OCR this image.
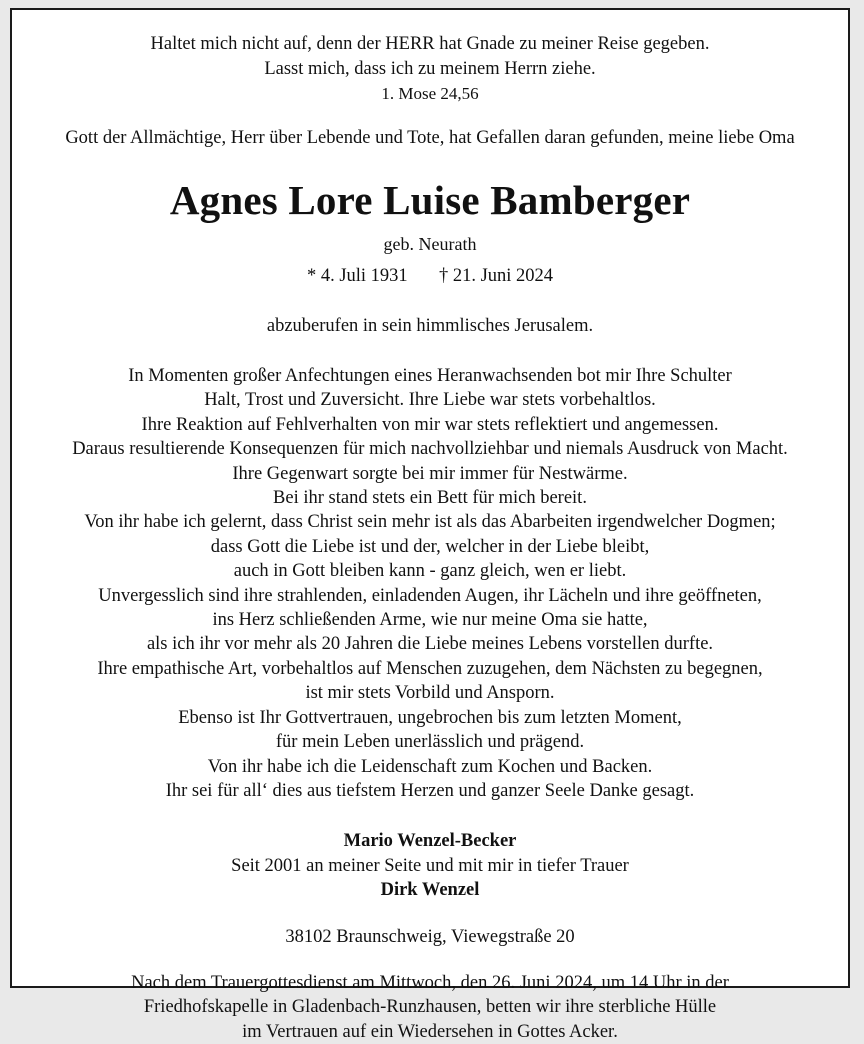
Haltet mich nicht auf, denn der HERR hat Gnade zu meiner Reise gegeben.
Lasst mich, dass ich zu meinem Herrn ziehe.
1. Mose 24,56
Gott der Allmächtige, Herr über Lebende und Tote, hat Gefallen daran gefunden, meine liebe Oma
Agnes Lore Luise Bamberger
geb. Neurath
* 4. Juli 1931 † 21. Juni 2024
abzuberufen in sein himmlisches Jerusalem.
In Momenten großer Anfechtungen eines Heranwachsenden bot mir Ihre Schulter
Halt, Trost und Zuversicht. Ihre Liebe war stets vorbehaltlos.
Ihre Reaktion auf Fehlverhalten von mir war stets reflektiert und angemessen.
Daraus resultierende Konsequenzen für mich nachvollziehbar und niemals Ausdruck von Macht.
Ihre Gegenwart sorgte bei mir immer für Nestwärme.
Bei ihr stand stets ein Bett für mich bereit.
Von ihr habe ich gelernt, dass Christ sein mehr ist als das Abarbeiten irgendwelcher Dogmen;
dass Gott die Liebe ist und der, welcher in der Liebe bleibt,
auch in Gott bleiben kann - ganz gleich, wen er liebt.
Unvergesslich sind ihre strahlenden, einladenden Augen, ihr Lächeln und ihre geöffneten,
ins Herz schließenden Arme, wie nur meine Oma sie hatte,
als ich ihr vor mehr als 20 Jahren die Liebe meines Lebens vorstellen durfte.
Ihre empathische Art, vorbehaltlos auf Menschen zuzugehen, dem Nächsten zu begegnen,
ist mir stets Vorbild und Ansporn.
Ebenso ist Ihr Gottvertrauen, ungebrochen bis zum letzten Moment,
für mein Leben unerlässlich und prägend.
Von ihr habe ich die Leidenschaft zum Kochen und Backen.
Ihr sei für all‘ dies aus tiefstem Herzen und ganzer Seele Danke gesagt.
Mario Wenzel-Becker
Seit 2001 an meiner Seite und mit mir in tiefer Trauer
Dirk Wenzel
38102 Braunschweig, Viewegstraße 20
Nach dem Trauergottesdienst am Mittwoch, den 26. Juni 2024, um 14 Uhr in der
Friedhofskapelle in Gladenbach-Runzhausen, betten wir ihre sterbliche Hülle
im Vertrauen auf ein Wiedersehen in Gottes Acker.
